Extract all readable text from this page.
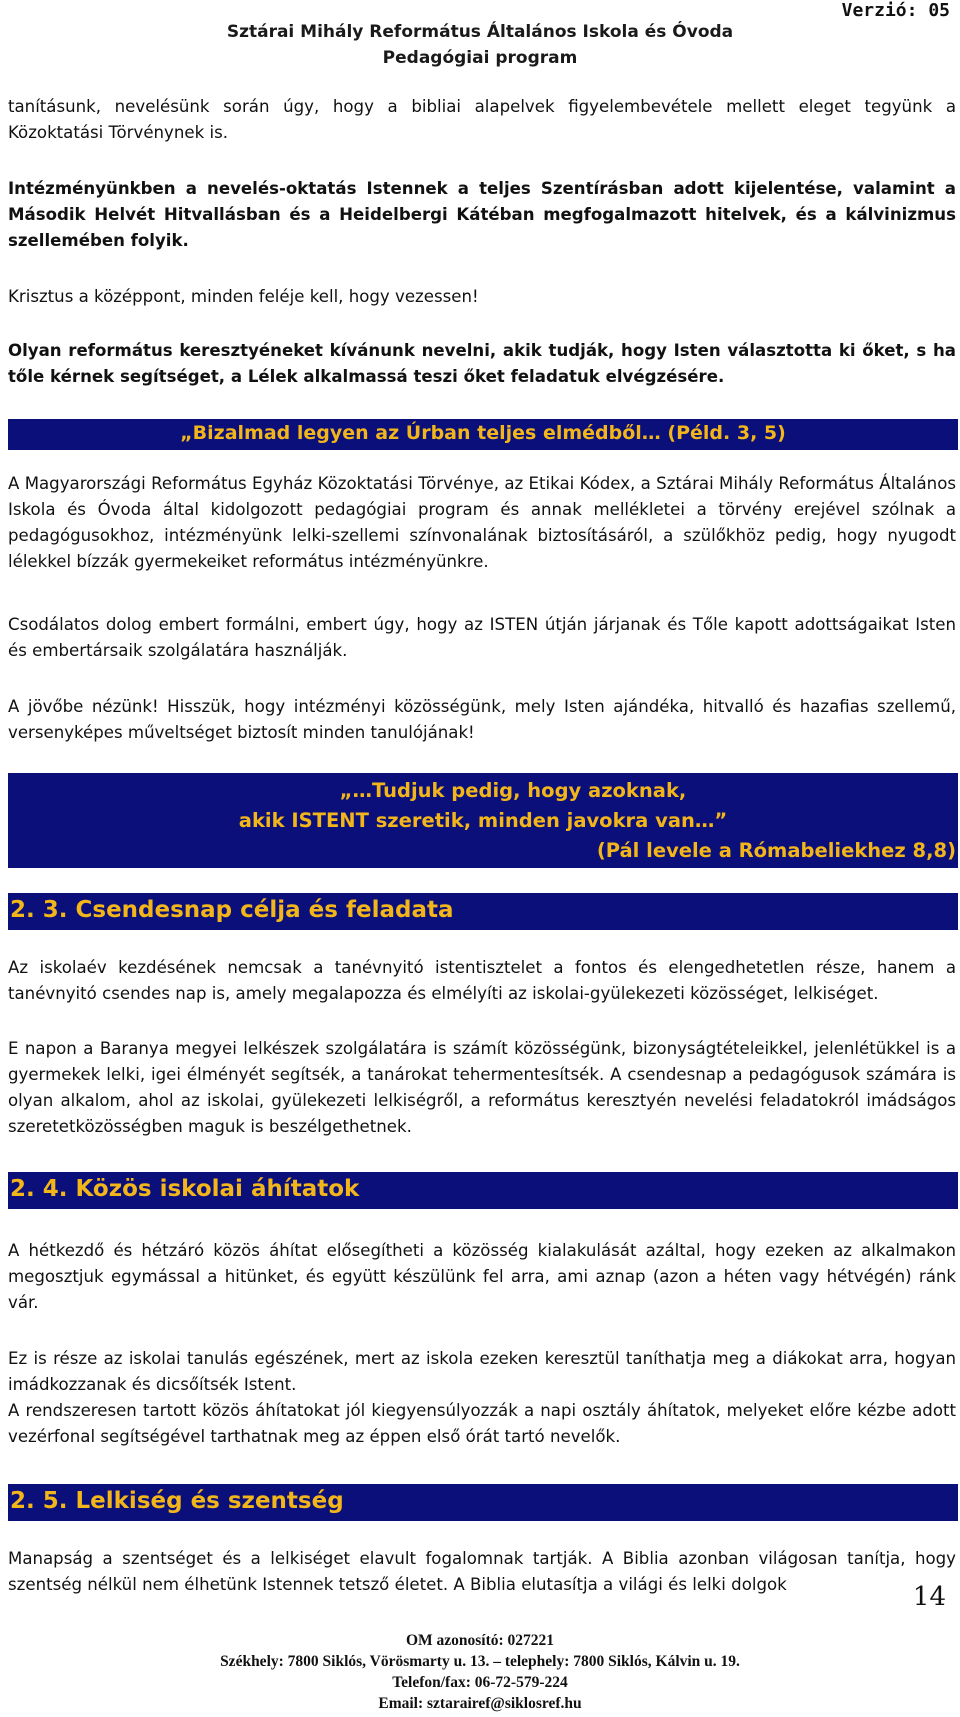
Verzió: 05
Sztárai Mihály Református Általános Iskola és Óvoda
Pedagógiai program

tanításunk, nevelésünk során úgy, hogy a bibliai alapelvek figyelembevétele mellett eleget tegyünk a Közoktatási Törvénynek is.

Intézményünkben a nevelés-oktatás Istennek a teljes Szentírásban adott kijelentése, valamint a Második Helvét Hitvallásban és a Heidelbergi Kátéban megfogalmazott hitelvek, és a kálvinizmus szellemében folyik.

Krisztus a középpont, minden feléje kell, hogy vezessen!

Olyan református keresztyéneket kívánunk nevelni, akik tudják, hogy Isten választotta ki őket, s ha tőle kérnek segítséget, a Lélek alkalmassá teszi őket feladatuk elvégzésére.

„Bizalmad legyen az Úrban teljes elmédből… (Péld. 3, 5)

A Magyarországi Református Egyház Közoktatási Törvénye, az Etikai Kódex, a Sztárai Mihály Református Általános Iskola és Óvoda által kidolgozott pedagógiai program és annak mellékletei a törvény erejével szólnak a pedagógusokhoz, intézményünk lelki-szellemi színvonalának biztosításáról, a szülőkhöz pedig, hogy nyugodt lélekkel bízzák gyermekeiket református intézményünkre.

Csodálatos dolog embert formálni, embert úgy, hogy az ISTEN útján járjanak és Tőle kapott adottságaikat Isten és embertársaik szolgálatára használják.

A jövőbe nézünk! Hisszük, hogy intézményi közösségünk, mely Isten ajándéka, hitvalló és hazafias szellemű, versenyképes műveltséget biztosít minden tanulójának!

„…Tudjuk pedig, hogy azoknak,
akik ISTENT szeretik, minden javokra van…”
(Pál levele a Rómabeliekhez 8,8)
2. 3. Csendesnap célja és feladata

Az iskolaév kezdésének nemcsak a tanévnyitó istentisztelet a fontos és elengedhetetlen része, hanem a tanévnyitó csendes nap is, amely megalapozza és elmélyíti az iskolai-gyülekezeti közösséget, lelkiséget.

E napon a Baranya megyei lelkészek szolgálatára is számít közösségünk, bizonyságtételeikkel, jelenlétükkel is a gyermekek lelki, igei élményét segítsék, a tanárokat tehermentesítsék. A csendesnap a pedagógusok számára is olyan alkalom, ahol az iskolai, gyülekezeti lelkiségről, a református keresztyén nevelési feladatokról imádságos szeretetközösségben maguk is beszélgethetnek.

2. 4. Közös iskolai áhítatok

A hétkezdő és hétzáró közös áhítat elősegítheti a közösség kialakulását azáltal, hogy ezeken az alkalmakon megosztjuk egymással a hitünket, és együtt készülünk fel arra, ami aznap (azon a héten vagy hétvégén) ránk vár.

Ez is része az iskolai tanulás egészének, mert az iskola ezeken keresztül taníthatja meg a diákokat arra, hogyan imádkozzanak és dicsőítsék Istent.

A rendszeresen tartott közös áhítatokat jól kiegyensúlyozzák a napi osztály áhítatok, melyeket előre kézbe adott vezérfonal segítségével tarthatnak meg az éppen első órát tartó nevelők.

2. 5. Lelkiség és szentség

Manapság a szentséget és a lelkiséget elavult fogalomnak tartják. A Biblia azonban világosan tanítja, hogy szentség nélkül nem élhetünk Istennek tetsző életet. A Biblia elutasítja a világi és lelki dolgok	14
OM azonosító: 027221
Székhely: 7800 Siklós, Vörösmarty u. 13. – telephely: 7800 Siklós, Kálvin u. 19.
Telefon/fax: 06-72-579-224
Email: sztarairef@siklosref.hu
